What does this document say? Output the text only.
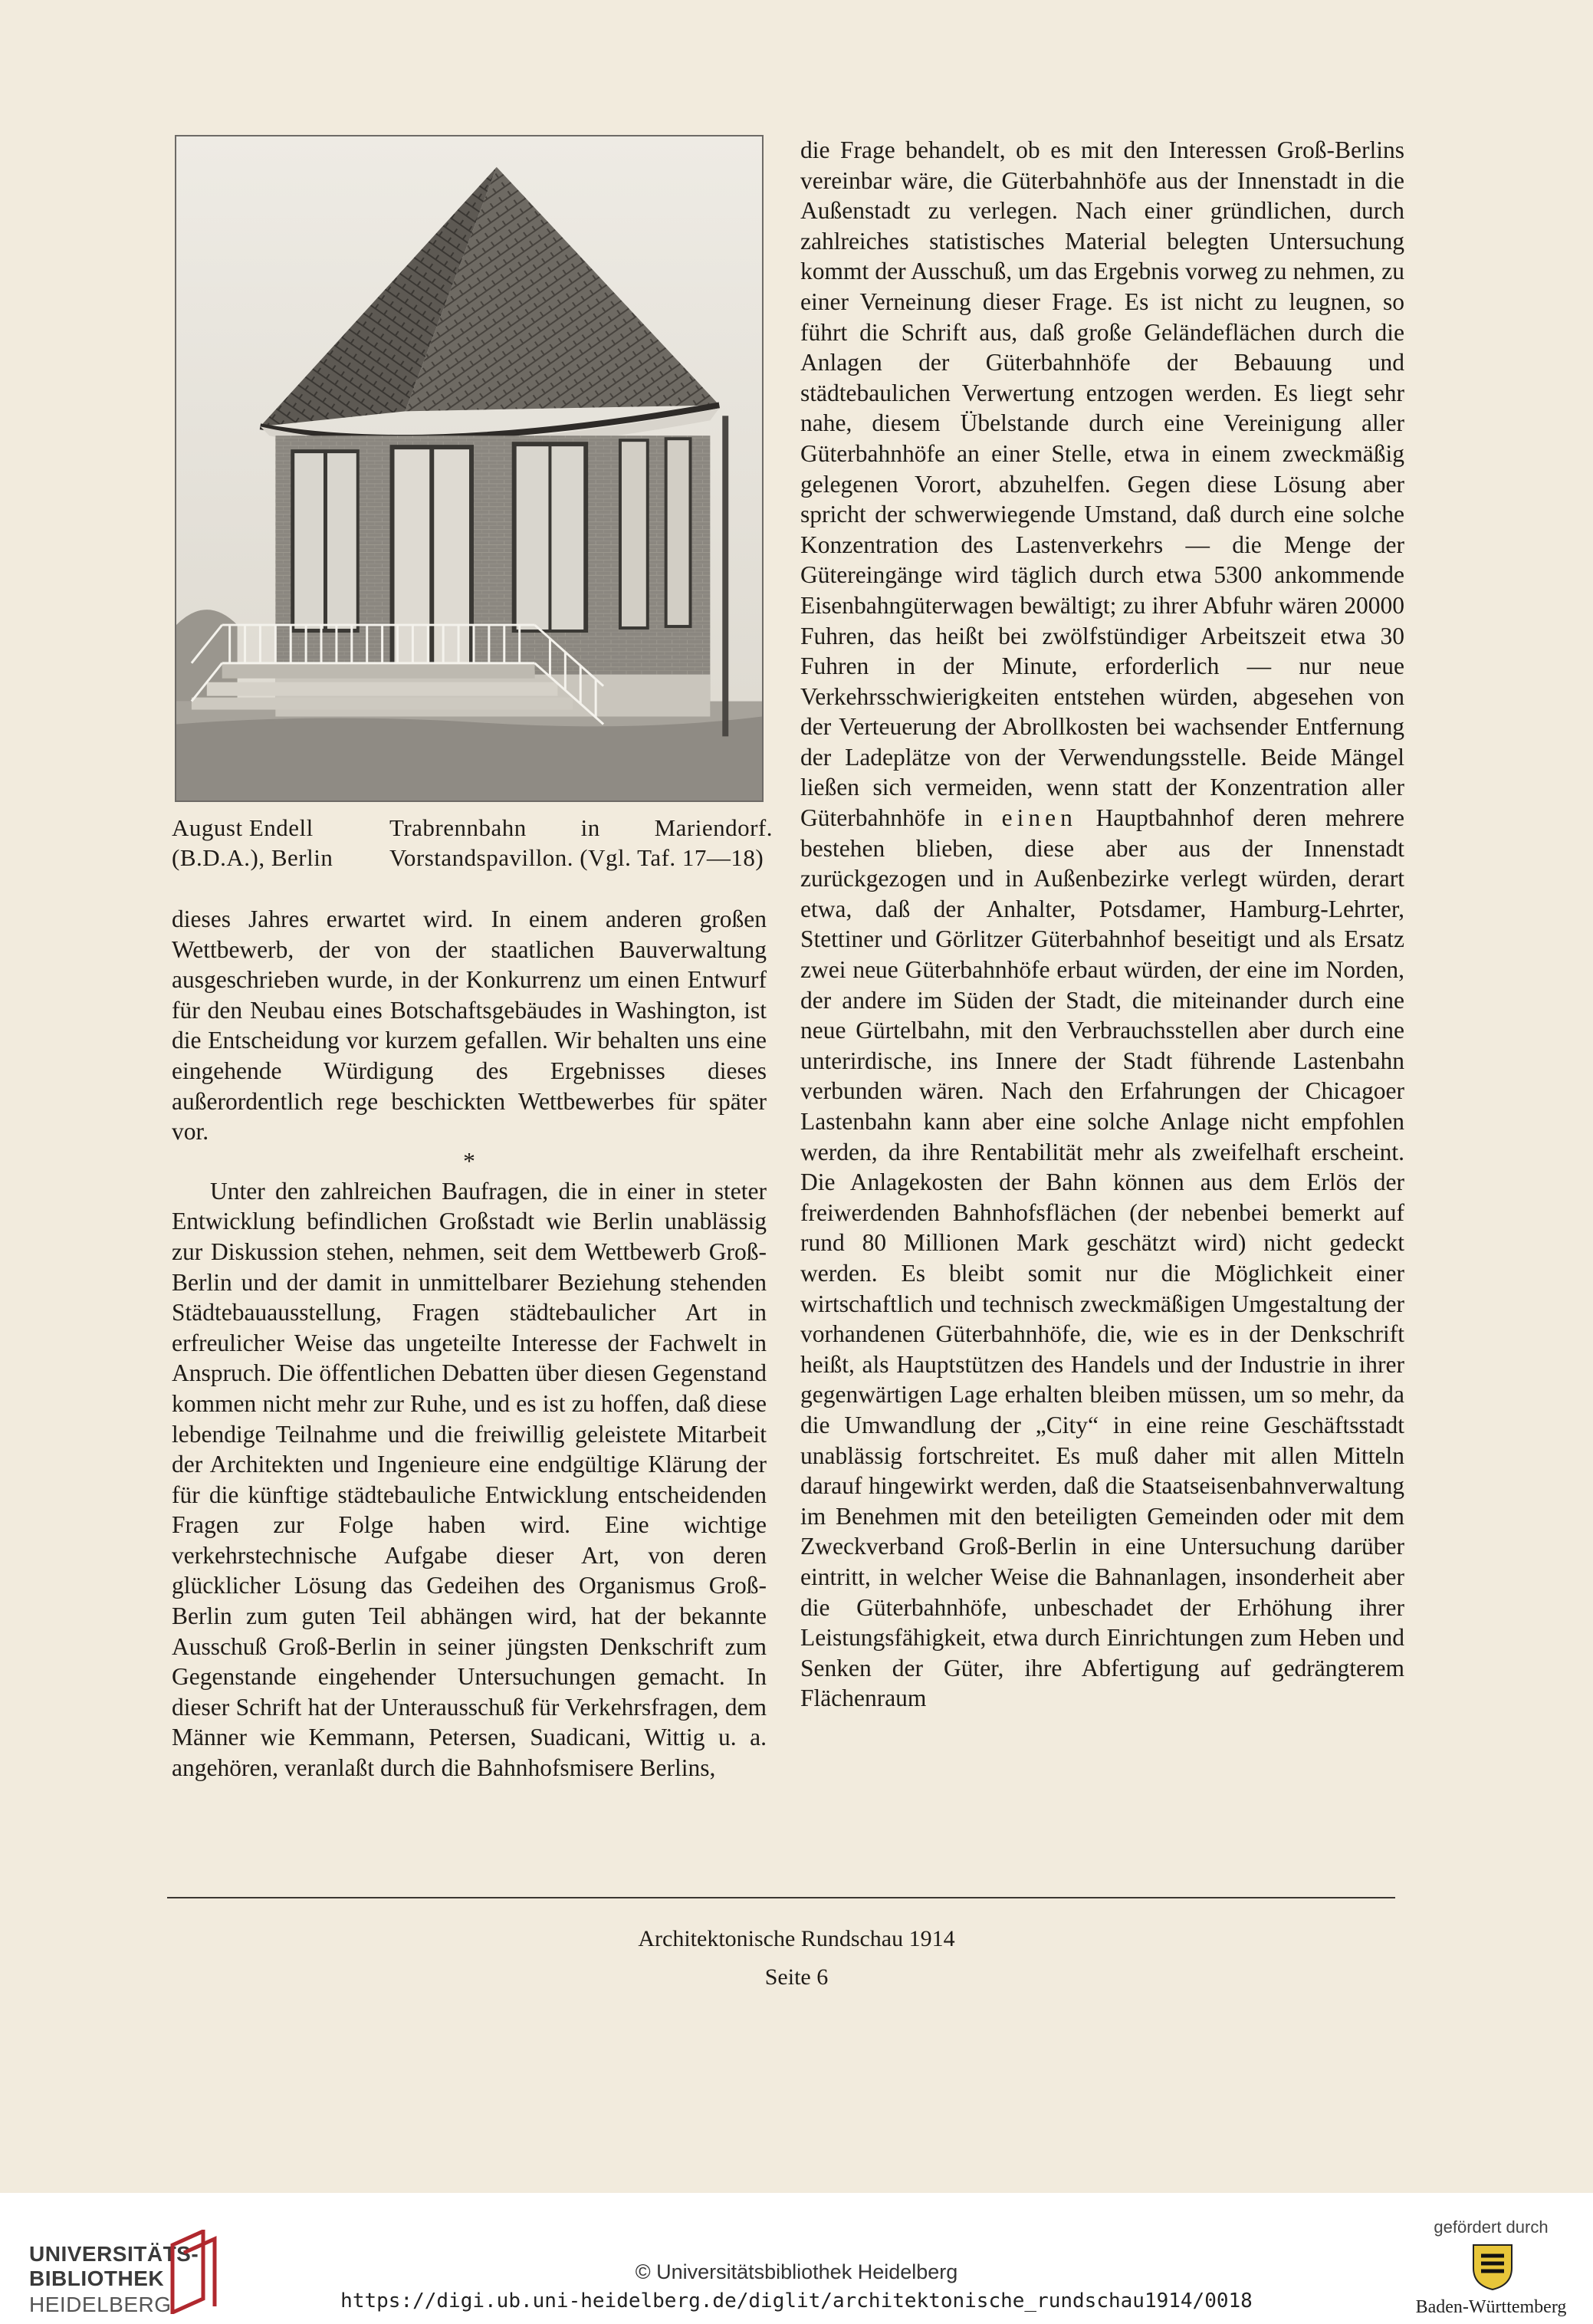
August Endell (B.D.A.), Berlin
Trabrennbahn in Mariendorf. Vorstandspavillon. (Vgl. Taf. 17—18)

dieses Jahres erwartet wird. In einem anderen großen Wettbewerb, der von der staatlichen Bauverwaltung ausgeschrieben wurde, in der Konkurrenz um einen Entwurf für den Neubau eines Botschaftsgebäudes in Washington, ist die Entscheidung vor kurzem gefallen. Wir behalten uns eine eingehende Würdigung des Ergebnisses dieses außerordentlich rege beschickten Wettbewerbes für später vor.

*

Unter den zahlreichen Baufragen, die in einer in steter Entwicklung befindlichen Großstadt wie Berlin unablässig zur Diskussion stehen, nehmen, seit dem Wettbewerb Groß-Berlin und der damit in unmittelbarer Beziehung stehenden Städtebauausstellung, Fragen städtebaulicher Art in erfreulicher Weise das ungeteilte Interesse der Fachwelt in Anspruch. Die öffentlichen Debatten über diesen Gegenstand kommen nicht mehr zur Ruhe, und es ist zu hoffen, daß diese lebendige Teilnahme und die freiwillig geleistete Mitarbeit der Architekten und Ingenieure eine endgültige Klärung der für die künftige städtebauliche Entwicklung entscheidenden Fragen zur Folge haben wird. Eine wichtige verkehrstechnische Aufgabe dieser Art, von deren glücklicher Lösung das Gedeihen des Organismus Groß-Berlin zum guten Teil abhängen wird, hat der bekannte Ausschuß Groß-Berlin in seiner jüngsten Denkschrift zum Gegenstande eingehender Untersuchungen gemacht. In dieser Schrift hat der Unterausschuß für Verkehrsfragen, dem Männer wie Kemmann, Petersen, Suadicani, Wittig u. a. angehören, veranlaßt durch die Bahnhofsmisere Berlins,

die Frage behandelt, ob es mit den Interessen Groß-Berlins vereinbar wäre, die Güterbahnhöfe aus der Innenstadt in die Außenstadt zu verlegen. Nach einer gründlichen, durch zahlreiches statistisches Material belegten Untersuchung kommt der Ausschuß, um das Ergebnis vorweg zu nehmen, zu einer Verneinung dieser Frage. Es ist nicht zu leugnen, so führt die Schrift aus, daß große Geländeflächen durch die Anlagen der Güterbahnhöfe der Bebauung und städtebaulichen Verwertung entzogen werden. Es liegt sehr nahe, diesem Übelstande durch eine Vereinigung aller Güterbahnhöfe an einer Stelle, etwa in einem zweckmäßig gelegenen Vorort, abzuhelfen. Gegen diese Lösung aber spricht der schwerwiegende Umstand, daß durch eine solche Konzentration des Lastenverkehrs — die Menge der Gütereingänge wird täglich durch etwa 5300 ankommende Eisenbahngüterwagen bewältigt; zu ihrer Abfuhr wären 20000 Fuhren, das heißt bei zwölfstündiger Arbeitszeit etwa 30 Fuhren in der Minute, erforderlich — nur neue Verkehrsschwierigkeiten entstehen würden, abgesehen von der Verteuerung der Abrollkosten bei wachsender Entfernung der Ladeplätze von der Verwendungsstelle. Beide Mängel ließen sich vermeiden, wenn statt der Konzentration aller Güterbahnhöfe in einen Hauptbahnhof deren mehrere bestehen blieben, diese aber aus der Innenstadt zurückgezogen und in Außenbezirke verlegt würden, derart etwa, daß der Anhalter, Potsdamer, Hamburg-Lehrter, Stettiner und Görlitzer Güterbahnhof beseitigt und als Ersatz zwei neue Güterbahnhöfe erbaut würden, der eine im Norden, der andere im Süden der Stadt, die miteinander durch eine neue Gürtelbahn, mit den Verbrauchsstellen aber durch eine unterirdische, ins Innere der Stadt führende Lastenbahn verbunden wären. Nach den Erfahrungen der Chicagoer Lastenbahn kann aber eine solche Anlage nicht empfohlen werden, da ihre Rentabilität mehr als zweifelhaft erscheint. Die Anlagekosten der Bahn können aus dem Erlös der freiwerdenden Bahnhofsflächen (der nebenbei bemerkt auf rund 80 Millionen Mark geschätzt wird) nicht gedeckt werden. Es bleibt somit nur die Möglichkeit einer wirtschaftlich und technisch zweckmäßigen Umgestaltung der vorhandenen Güterbahnhöfe, die, wie es in der Denkschrift heißt, als Hauptstützen des Handels und der Industrie in ihrer gegenwärtigen Lage erhalten bleiben müssen, um so mehr, da die Umwandlung der „City“ in eine reine Geschäftsstadt unablässig fortschreitet. Es muß daher mit allen Mitteln darauf hingewirkt werden, daß die Staatseisenbahnverwaltung im Benehmen mit den beteiligten Gemeinden oder mit dem Zweckverband Groß-Berlin in eine Untersuchung darüber eintritt, in welcher Weise die Bahnanlagen, insonderheit aber die Güterbahnhöfe, unbeschadet der Erhöhung ihrer Leistungsfähigkeit, etwa durch Einrichtungen zum Heben und Senken der Güter, ihre Abfertigung auf gedrängterem Flächenraum

Architektonische Rundschau 1914
Seite 6
UNIVERSITÄTS-
BIBLIOTHEK
HEIDELBERG
© Universitätsbibliothek Heidelberg
https://digi.ub.uni-heidelberg.de/diglit/architektonische_rundschau1914/0018
gefördert durch
Baden-Württemberg
